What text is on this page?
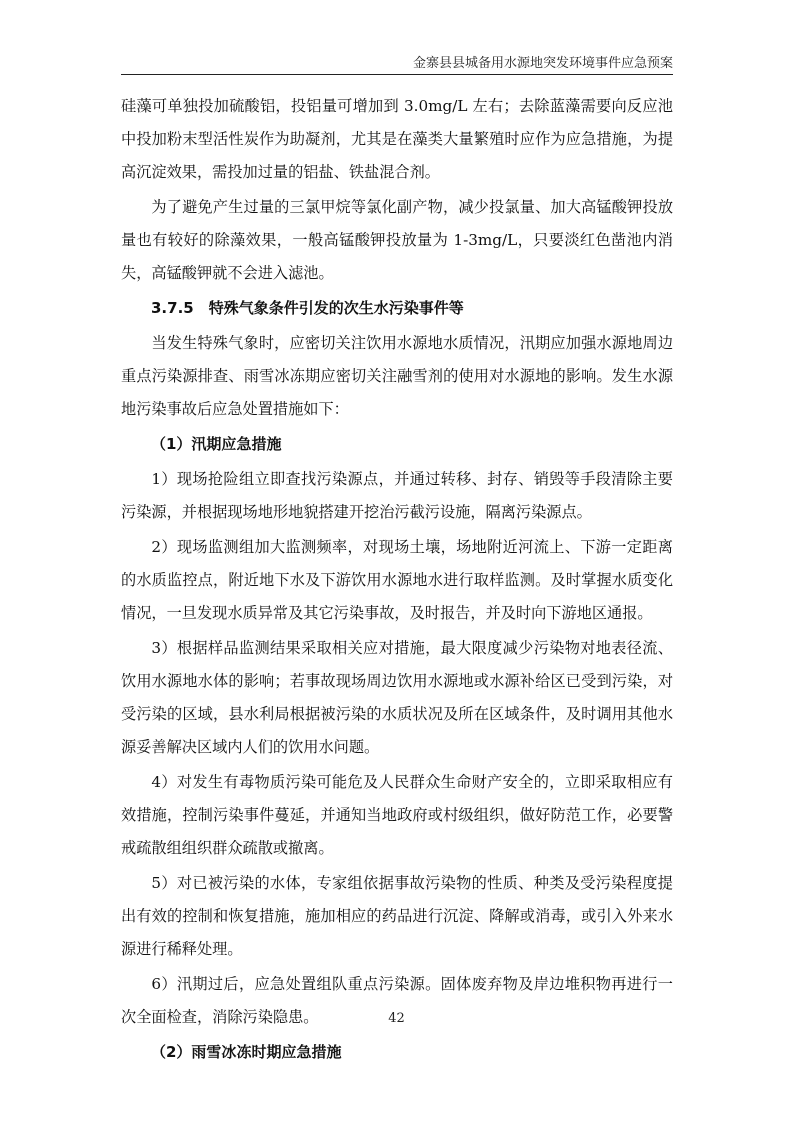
金寨县县城备用水源地突发环境事件应急预案

硅藻可单独投加硫酸铝，投铝量可增加到 3.0mg/L 左右；去除蓝藻需要向反应池中投加粉末型活性炭作为助凝剂，尤其是在藻类大量繁殖时应作为应急措施，为提高沉淀效果，需投加过量的铝盐、铁盐混合剂。

为了避免产生过量的三氯甲烷等氯化副产物，减少投氯量、加大高锰酸钾投放量也有较好的除藻效果，一般高锰酸钾投放量为 1-3mg/L，只要淡红色凿池内消失，高锰酸钾就不会进入滤池。

3.7.5　特殊气象条件引发的次生水污染事件等

当发生特殊气象时，应密切关注饮用水源地水质情况，汛期应加强水源地周边重点污染源排查、雨雪冰冻期应密切关注融雪剂的使用对水源地的影响。发生水源地污染事故后应急处置措施如下：

（1）汛期应急措施

1）现场抢险组立即查找污染源点，并通过转移、封存、销毁等手段清除主要污染源，并根据现场地形地貌搭建开挖治污截污设施，隔离污染源点。

2）现场监测组加大监测频率，对现场土壤，场地附近河流上、下游一定距离的水质监控点，附近地下水及下游饮用水源地水进行取样监测。及时掌握水质变化情况，一旦发现水质异常及其它污染事故，及时报告，并及时向下游地区通报。

3）根据样品监测结果采取相关应对措施，最大限度减少污染物对地表径流、饮用水源地水体的影响；若事故现场周边饮用水源地或水源补给区已受到污染，对受污染的区域，县水利局根据被污染的水质状况及所在区域条件，及时调用其他水源妥善解决区域内人们的饮用水问题。

4）对发生有毒物质污染可能危及人民群众生命财产安全的，立即采取相应有效措施，控制污染事件蔓延，并通知当地政府或村级组织，做好防范工作，必要警戒疏散组组织群众疏散或撤离。

5）对已被污染的水体，专家组依据事故污染物的性质、种类及受污染程度提出有效的控制和恢复措施，施加相应的药品进行沉淀、降解或消毒，或引入外来水源进行稀释处理。

6）汛期过后，应急处置组队重点污染源。固体废弃物及岸边堆积物再进行一次全面检查，消除污染隐患。

（2）雨雪冰冻时期应急措施

42
